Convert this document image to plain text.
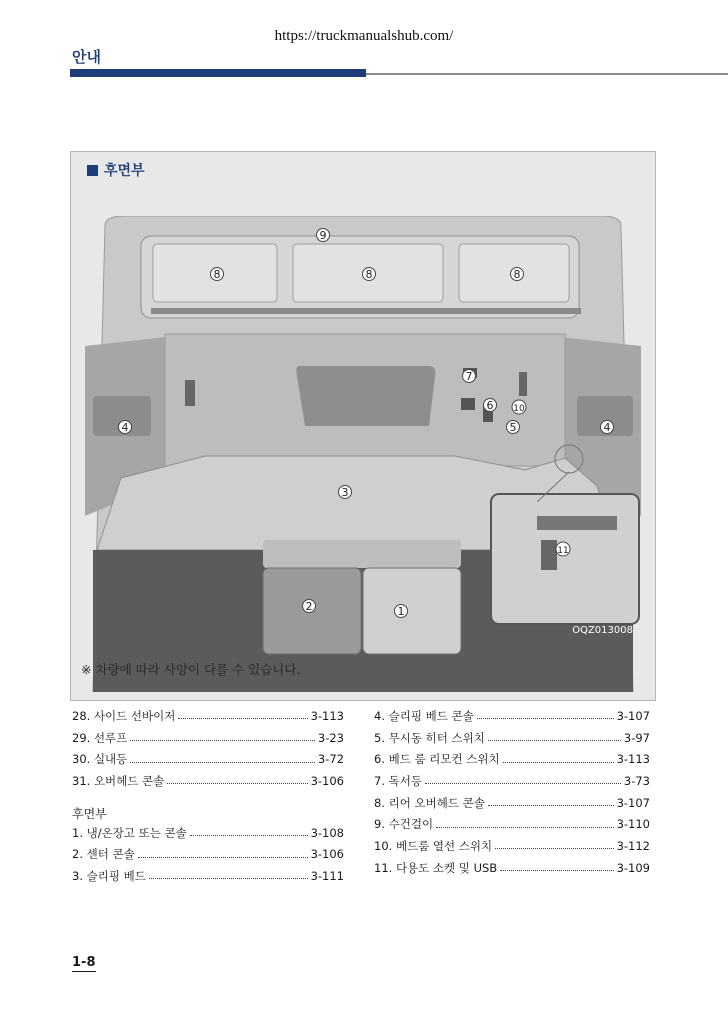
https://truckmanualshub.com/
안내
후면부
9
8	8	8
7
6 10
5
4	4
3
11
2	1
OQZ013008
※ 차량에 따라 사양이 다를 수 있습니다.
28. 사이드 선바이저	3-113
29. 선루프	3-23
30. 실내등	3-72
31. 오버헤드 콘솔	3-106
후면부
1. 냉/온장고 또는 콘솔	3-108
2. 센터 콘솔	3-106
3. 슬리핑 베드	3-111
4. 슬리핑 베드 콘솔	3-107
5. 무시동 히터 스위치	3-97
6. 베드 룸 리모컨 스위치	3-113
7. 독서등	3-73
8. 리어 오버헤드 콘솔	3-107
9. 수건걸이	3-110
10. 베드룸 열선 스위치	3-112
11. 다용도 소켓 및 USB	3-109
1-8
